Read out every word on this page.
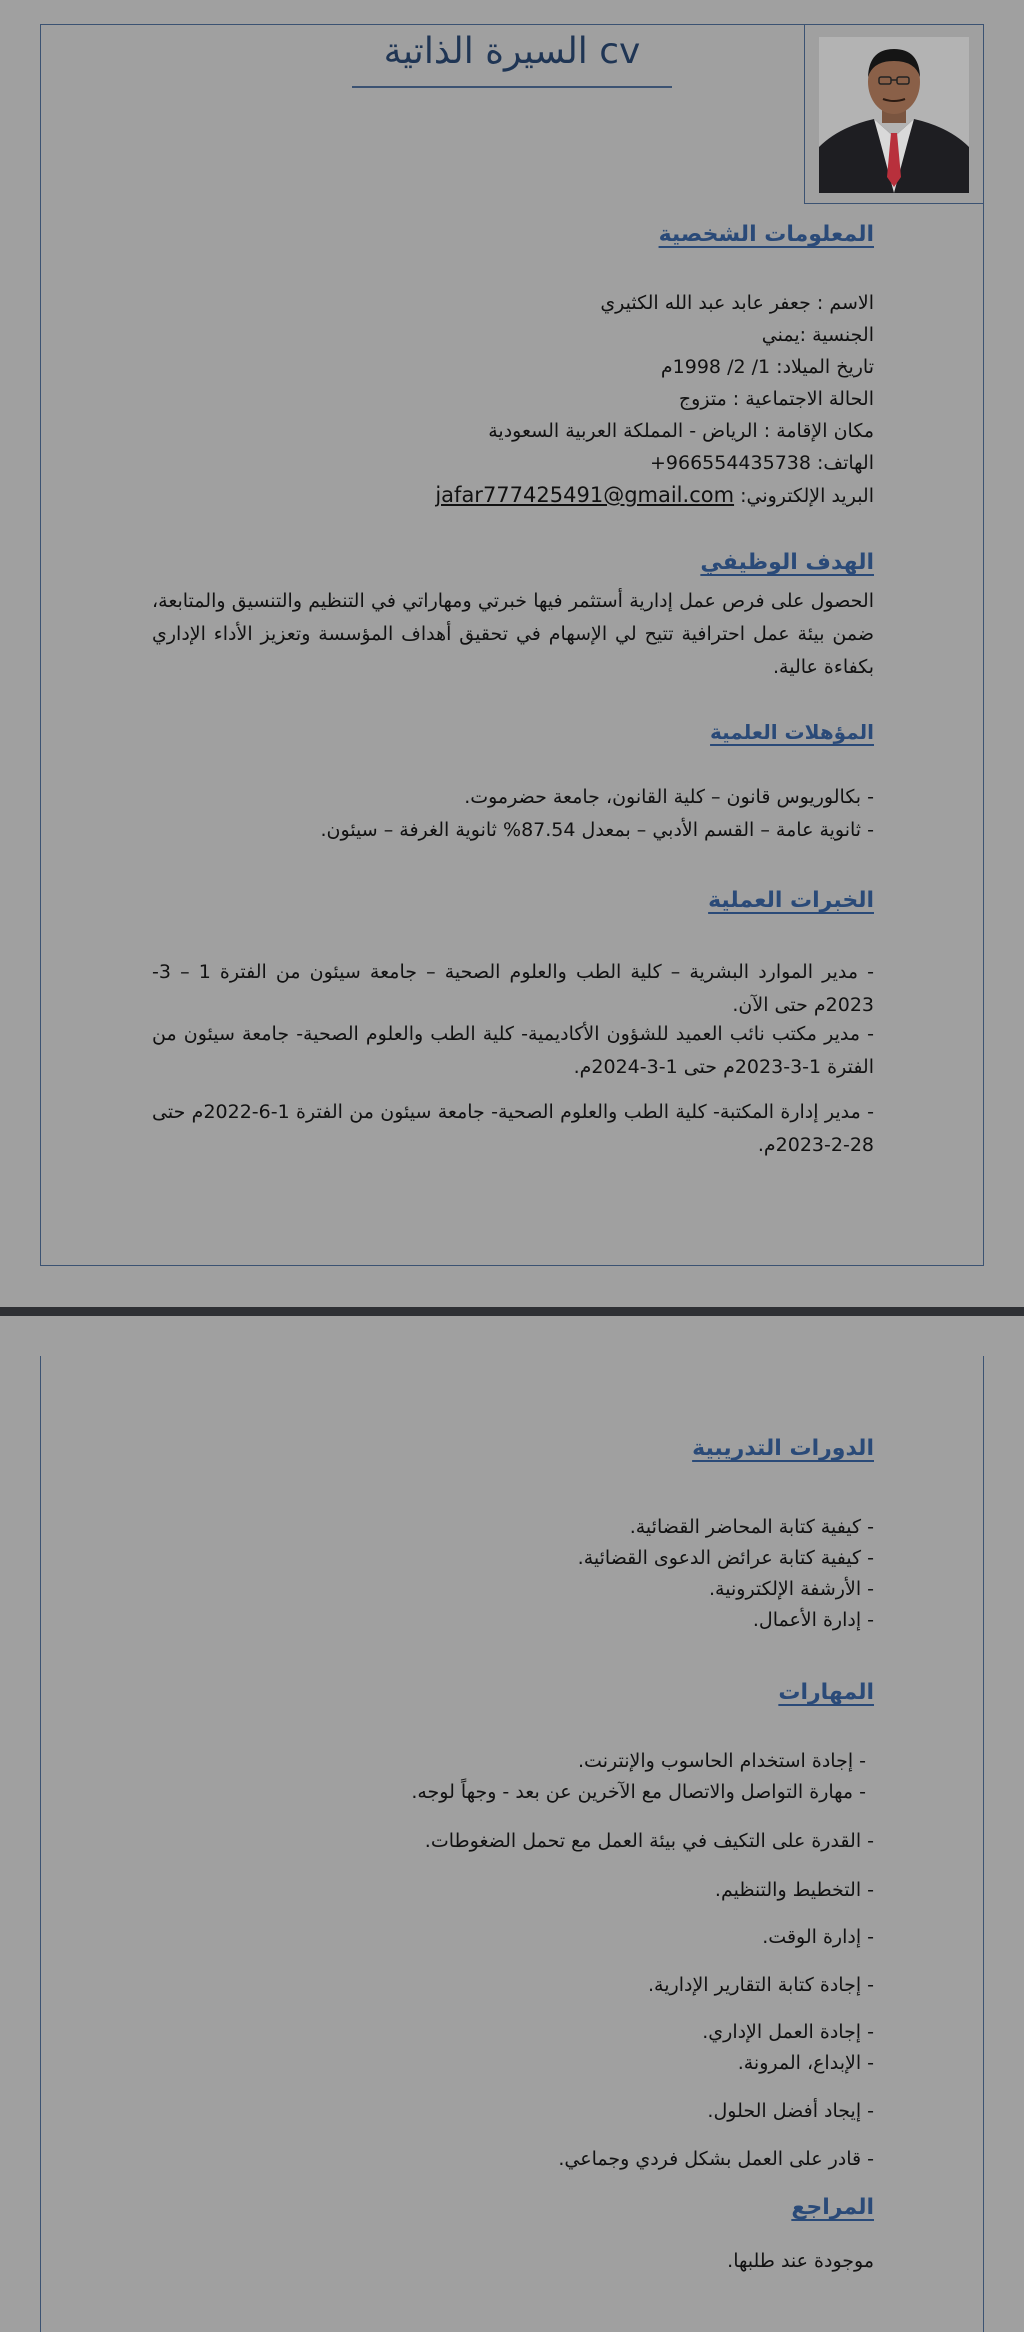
السيرة الذاتية cv
المعلومات الشخصية
الاسم : جعفر عابد عبد الله الكثيري
الجنسية :يمني
تاريخ الميلاد: 1/ 2/ 1998م
الحالة الاجتماعية : متزوج
مكان الإقامة : الرياض - المملكة العربية السعودية
الهاتف: +966554435738
البريد الإلكتروني: jafar777425491@gmail.com
الهدف الوظيفي
الحصول على فرص عمل إدارية أستثمر فيها خبرتي ومهاراتي في التنظيم والتنسيق والمتابعة، ضمن بيئة عمل احترافية تتيح لي الإسهام في تحقيق أهداف المؤسسة وتعزيز الأداء الإداري بكفاءة عالية.
المؤهلات العلمية
- بكالوريوس قانون – كلية القانون، جامعة حضرموت.
- ثانوية عامة – القسم الأدبي – بمعدل 87.54% ثانوية الغرفة – سيئون.
الخبرات العملية
- مدير الموارد البشرية – كلية الطب والعلوم الصحية – جامعة سيئون من الفترة 1 – 3- 2023م حتى الآن.
- مدير مكتب نائب العميد للشؤون الأكاديمية- كلية الطب والعلوم الصحية- جامعة سيئون من الفترة 1-3-2023م حتى 1-3-2024م.
- مدير إدارة المكتبة- كلية الطب والعلوم الصحية- جامعة سيئون من الفترة 1-6-2022م حتى 28-2-2023م.
الدورات التدريبية
- كيفية كتابة المحاضر القضائية.
- كيفية كتابة عرائض الدعوى القضائية.
- الأرشفة الإلكترونية.
- إدارة الأعمال.
المهارات
- إجادة استخدام الحاسوب والإنترنت.
- مهارة التواصل والاتصال مع الآخرين عن بعد - وجهاً لوجه.
- القدرة على التكيف في بيئة العمل مع تحمل الضغوطات.
- التخطيط والتنظيم.
- إدارة الوقت.
- إجادة كتابة التقارير الإدارية.
- إجادة العمل الإداري.
- الإبداع، المرونة.
- إيجاد أفضل الحلول.
- قادر على العمل بشكل فردي وجماعي.
المراجع
موجودة عند طلبها.
